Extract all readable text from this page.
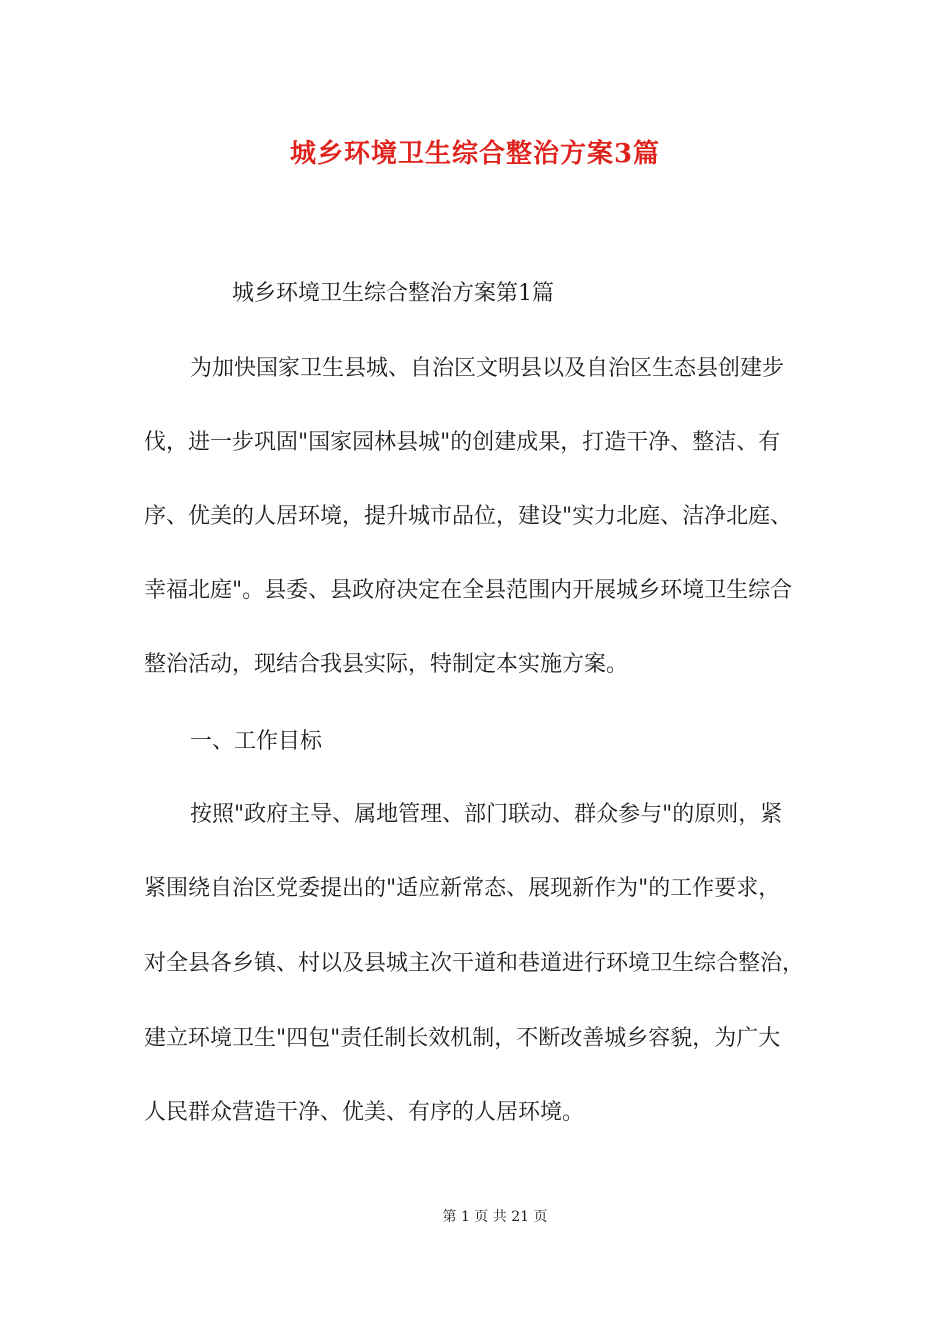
城乡环境卫生综合整治方案3篇
城乡环境卫生综合整治方案第1篇
为加快国家卫生县城、自治区文明县以及自治区生态县创建步
伐，进一步巩固"国家园林县城"的创建成果，打造干净、整洁、有
序、优美的人居环境，提升城市品位，建设"实力北庭、洁净北庭、
幸福北庭"。县委、县政府决定在全县范围内开展城乡环境卫生综合
整治活动，现结合我县实际，特制定本实施方案。
一、工作目标
按照"政府主导、属地管理、部门联动、群众参与"的原则，紧
紧围绕自治区党委提出的"适应新常态、展现新作为"的工作要求，
对全县各乡镇、村以及县城主次干道和巷道进行环境卫生综合整治，
建立环境卫生"四包"责任制长效机制，不断改善城乡容貌，为广大
人民群众营造干净、优美、有序的人居环境。
第 1 页 共 21 页
